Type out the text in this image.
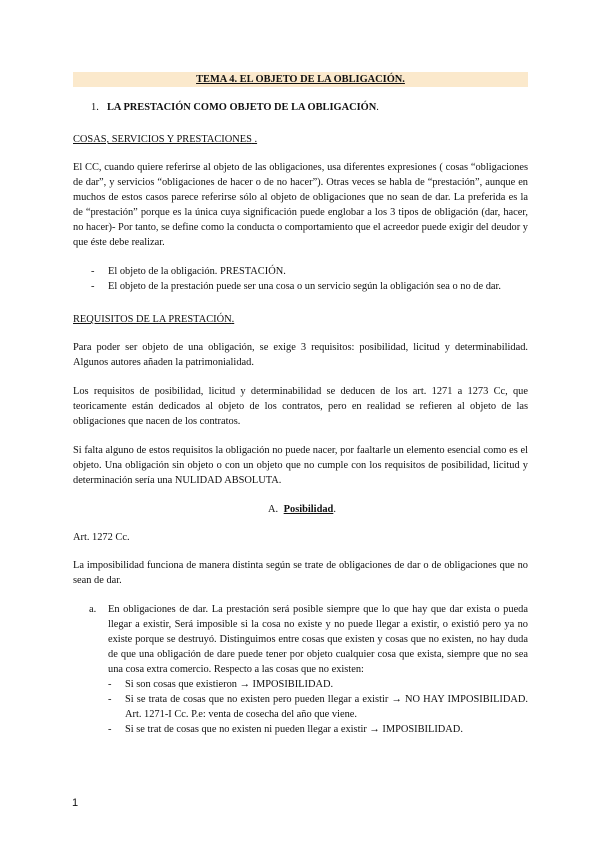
TEMA 4. EL OBJETO DE LA OBLIGACIÓN.
1. LA PRESTACIÓN COMO OBJETO DE LA OBLIGACIÓN.
COSAS, SERVICIOS Y PRESTACIONES .

El CC, cuando quiere referirse al objeto de las obligaciones, usa diferentes expresiones ( cosas “obligaciones de dar”, y servicios “obligaciones de hacer o de no hacer”). Otras veces se habla de “prestación”, aunque en muchos de estos casos parece referirse sólo al objeto de obligaciones que no sean de dar. La preferida es la de “prestación” porque es la única cuya significación puede englobar a los 3 tipos de obligación (dar, hacer, no hacer)- Por tanto, se define como la conducta o comportamiento que el acreedor puede exigir del deudor y que éste debe realizar.

- El objeto de la obligación. PRESTACIÓN.
- El objeto de la prestación puede ser una cosa o un servicio según la obligación sea o no de dar.
REQUISITOS DE LA PRESTACIÓN.

Para poder ser objeto de una obligación, se exige 3 requisitos: posibilidad, licitud y determinabilidad. Algunos autores añaden la patrimonialidad.

Los requisitos de posibilidad, licitud y determinabilidad se deducen de los art. 1271 a 1273 Cc, que teoricamente están dedicados al objeto de los contratos, pero en realidad se refieren al objeto de las obligaciones que nacen de los contratos.

Si falta alguno de estos requisitos la obligación no puede nacer, por faaltarle un elemento esencial como es el objeto. Una obligación sin objeto o con un objeto que no cumple con los requisitos de posibilidad, licitud y determinación sería una NULIDAD ABSOLUTA.

A. Posibilidad.
Art. 1272 Cc.

La imposibilidad funciona de manera distinta según se trate de obligaciones de dar o de obligaciones que no sean de dar.

a. En obligaciones de dar. La prestación será posible siempre que lo que hay que dar exista o pueda llegar a existir, Será imposible si la cosa no existe y no puede llegar a existir, o existió pero ya no existe porque se destruyó. Distinguimos entre cosas que existen y cosas que no existen, no hay duda de que una obligación de dare puede tener por objeto cualquier cosa que exista, siempre que no sea una cosa extra comercio. Respecto a las cosas que no existen:
- Si son cosas que existieron → IMPOSIBILIDAD.
- Si se trata de cosas que no existen pero pueden llegar a existir → NO HAY IMPOSIBILIDAD. Art. 1271-I Cc. P.e: venta de cosecha del año que viene.
- Si se trat de cosas que no existen ni pueden llegar a existir → IMPOSIBILIDAD.
1
